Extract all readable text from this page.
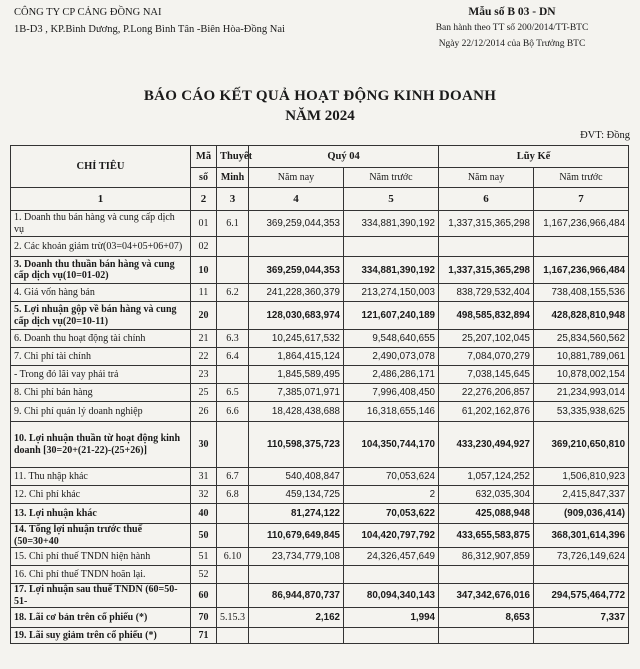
CÔNG TY CP CẢNG ĐỒNG NAI
1B-D3 , KP.Bình Dương, P.Long Bình Tân -Biên Hòa-Đồng Nai
Mẫu số B 03 - DN
Ban hành theo TT số 200/2014/TT-BTC
Ngày 22/12/2014 của Bộ Trưởng BTC
BÁO CÁO KẾT QUẢ HOẠT ĐỘNG KINH DOANH
NĂM 2024
ĐVT: Đồng
CHỈ TIÊU	Mã	Thuyết	Quý 04		Lũy Kế	
	số	Minh	Năm nay	Năm trước	Năm nay	Năm trước
1	2	3	4	5	6	7
1. Doanh thu bán hàng và cung cấp dịch vụ	01	6.1	369,259,044,353	334,881,390,192	1,337,315,365,298	1,167,236,966,484
2. Các khoản giảm trừ(03=04+05+06+07)	02					
3. Doanh thu thuần bán hàng và cung cấp dịch vụ(10=01-02)	10		369,259,044,353	334,881,390,192	1,337,315,365,298	1,167,236,966,484
4. Giá vốn hàng bán	11	6.2	241,228,360,379	213,274,150,003	838,729,532,404	738,408,155,536
5. Lợi nhuận gộp về bán hàng và cung cấp dịch vụ(20=10-11)	20		128,030,683,974	121,607,240,189	498,585,832,894	428,828,810,948
6. Doanh thu hoạt động tài chính	21	6.3	10,245,617,532	9,548,640,655	25,207,102,045	25,834,560,562
7. Chi phí tài chính	22	6.4	1,864,415,124	2,490,073,078	7,084,070,279	10,881,789,061
- Trong đó lãi vay phải trả	23		1,845,589,495	2,486,286,171	7,038,145,645	10,878,002,154
8. Chi phí bán hàng	25	6.5	7,385,071,971	7,996,408,450	22,276,206,857	21,234,993,014
9. Chi phí quản lý doanh nghiệp	26	6.6	18,428,438,688	16,318,655,146	61,202,162,876	53,335,938,625
10. Lợi nhuận thuần từ hoạt động kinh doanh [30=20+(21-22)-(25+26)]	30		110,598,375,723	104,350,744,170	433,230,494,927	369,210,650,810
11. Thu nhập khác	31	6.7	540,408,847	70,053,624	1,057,124,252	1,506,810,923
12. Chi phí khác	32	6.8	459,134,725	2	632,035,304	2,415,847,337
13. Lợi nhuận khác	40		81,274,122	70,053,622	425,088,948	(909,036,414)
14. Tổng lợi nhuận trước thuế (50=30+40	50		110,679,649,845	104,420,797,792	433,655,583,875	368,301,614,396
15. Chi phí thuế TNDN hiện hành	51	6.10	23,734,779,108	24,326,457,649	86,312,907,859	73,726,149,624
16. Chi phí thuế TNDN hoãn lại.	52					
17. Lợi nhuận sau thuế TNDN (60=50-51-	60		86,944,870,737	80,094,340,143	347,342,676,016	294,575,464,772
18. Lãi cơ bản trên cổ phiếu (*)	70	5.15.3	2,162	1,994	8,653	7,337
19. Lãi suy giảm trên cổ phiếu (*)	71					
